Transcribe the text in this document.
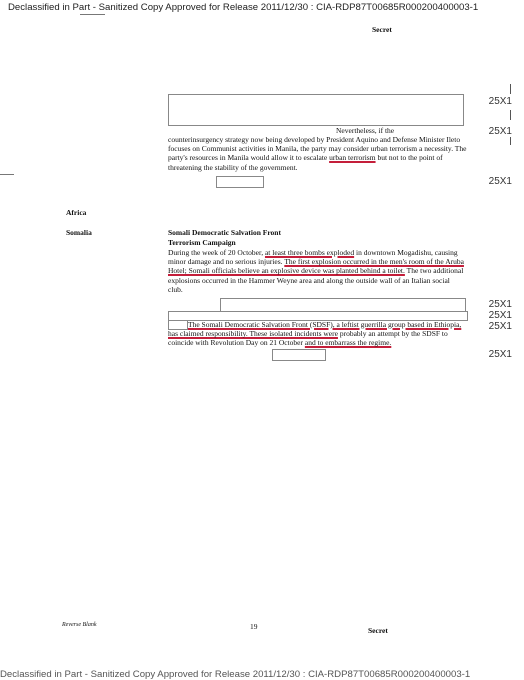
Declassified in Part - Sanitized Copy Approved for Release 2011/12/30 : CIA-RDP87T00685R000200400003-1
Secret
25X1
25X1
25X1
Nevertheless, if the
counterinsurgency strategy now being developed by President Aquino and Defense Minister Ileto focuses on Communist activities in Manila, the party may consider urban terrorism a necessity. The party's resources in Manila would allow it to escalate urban terrorism but not to the point of threatening the stability of the government.
Africa
Somalia	Somali Democratic Salvation Front
Terrorism Campaign
During the week of 20 October, at least three bombs exploded in downtown Mogadishu, causing minor damage and no serious injuries. The first explosion occurred in the men's room of the Aruba Hotel; Somali officials believe an explosive device was planted behind a toilet. The two additional explosions occurred in the Hammer Weyne area and along the outside wall of an Italian social club.
25X1
25X1
25X1
25X1
The Somali Democratic Salvation Front (SDSF), a leftist guerrilla group based in Ethiopia, has claimed responsibility. These isolated incidents were probably an attempt by the SDSF to coincide with Revolution Day on 21 October and to embarrass the regime.
Reverse Blank	19	Secret
Declassified in Part - Sanitized Copy Approved for Release 2011/12/30 : CIA-RDP87T00685R000200400003-1
